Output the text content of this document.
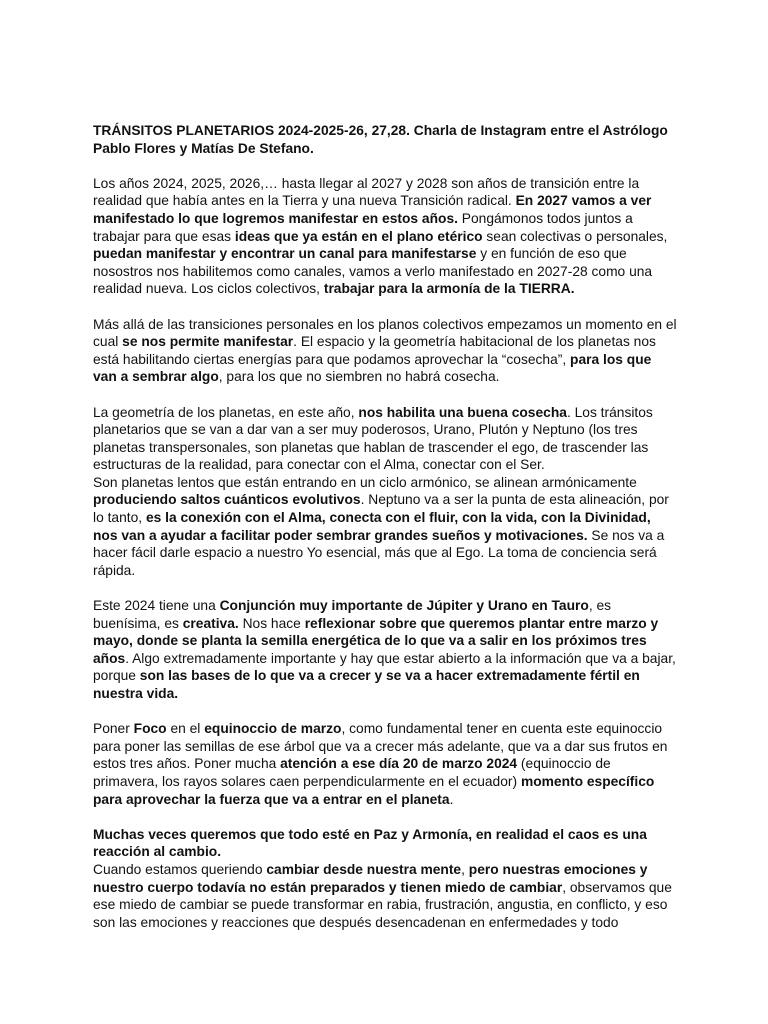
TRÁNSITOS PLANETARIOS 2024-2025-26, 27,28. Charla de Instagram entre el Astrólogo Pablo Flores y Matías De Stefano.

Los años 2024, 2025, 2026,… hasta llegar al 2027 y 2028 son años de transición entre la realidad que había antes en la Tierra y una nueva Transición radical. En 2027 vamos a ver manifestado lo que logremos manifestar en estos años. Pongámonos todos juntos a trabajar para que esas ideas que ya están en el plano etérico sean colectivas o personales, puedan manifestar y encontrar un canal para manifestarse y en función de eso que nosostros nos habilitemos como canales, vamos a verlo manifestado en 2027-28 como una realidad nueva. Los ciclos colectivos, trabajar para la armonía de la TIERRA.

Más allá de las transiciones personales en los planos colectivos empezamos un momento en el cual se nos permite manifestar. El espacio y la geometría habitacional de los planetas nos está habilitando ciertas energías para que podamos aprovechar la “cosecha”, para los que van a sembrar algo, para los que no siembren no habrá cosecha.

La geometría de los planetas, en este año, nos habilita una buena cosecha. Los tránsitos planetarios que se van a dar van a ser muy poderosos, Urano, Plutón y Neptuno (los tres planetas transpersonales, son planetas que hablan de trascender el ego, de trascender las estructuras de la realidad, para conectar con el Alma, conectar con el Ser.

Son planetas lentos que están entrando en un ciclo armónico, se alinean armónicamente produciendo saltos cuánticos evolutivos. Neptuno va a ser la punta de esta alineación, por lo tanto, es la conexión con el Alma, conecta con el fluir, con la vida, con la Divinidad, nos van a ayudar a facilitar poder sembrar grandes sueños y motivaciones. Se nos va a hacer fácil darle espacio a nuestro Yo esencial, más que al Ego. La toma de conciencia será rápida.

Este 2024 tiene una Conjunción muy importante de Júpiter y Urano en Tauro, es buenísima, es creativa. Nos hace reflexionar sobre que queremos plantar entre marzo y mayo, donde se planta la semilla energética de lo que va a salir en los próximos tres años. Algo extremadamente importante y hay que estar abierto a la información que va a bajar, porque son las bases de lo que va a crecer y se va a hacer extremadamente fértil en nuestra vida.

Poner Foco en el equinoccio de marzo, como fundamental tener en cuenta este equinoccio para poner las semillas de ese árbol que va a crecer más adelante, que va a dar sus frutos en estos tres años. Poner mucha atención a ese día 20 de marzo 2024 (equinoccio de primavera, los rayos solares caen perpendicularmente en el ecuador) momento específico para aprovechar la fuerza que va a entrar en el planeta.

Muchas veces queremos que todo esté en Paz y Armonía, en realidad el caos es una reacción al cambio.

Cuando estamos queriendo cambiar desde nuestra mente, pero nuestras emociones y nuestro cuerpo todavía no están preparados y tienen miedo de cambiar, observamos que ese miedo de cambiar se puede transformar en rabia, frustración, angustia, en conflicto, y eso son las emociones y reacciones que después desencadenan en enfermedades y todo
